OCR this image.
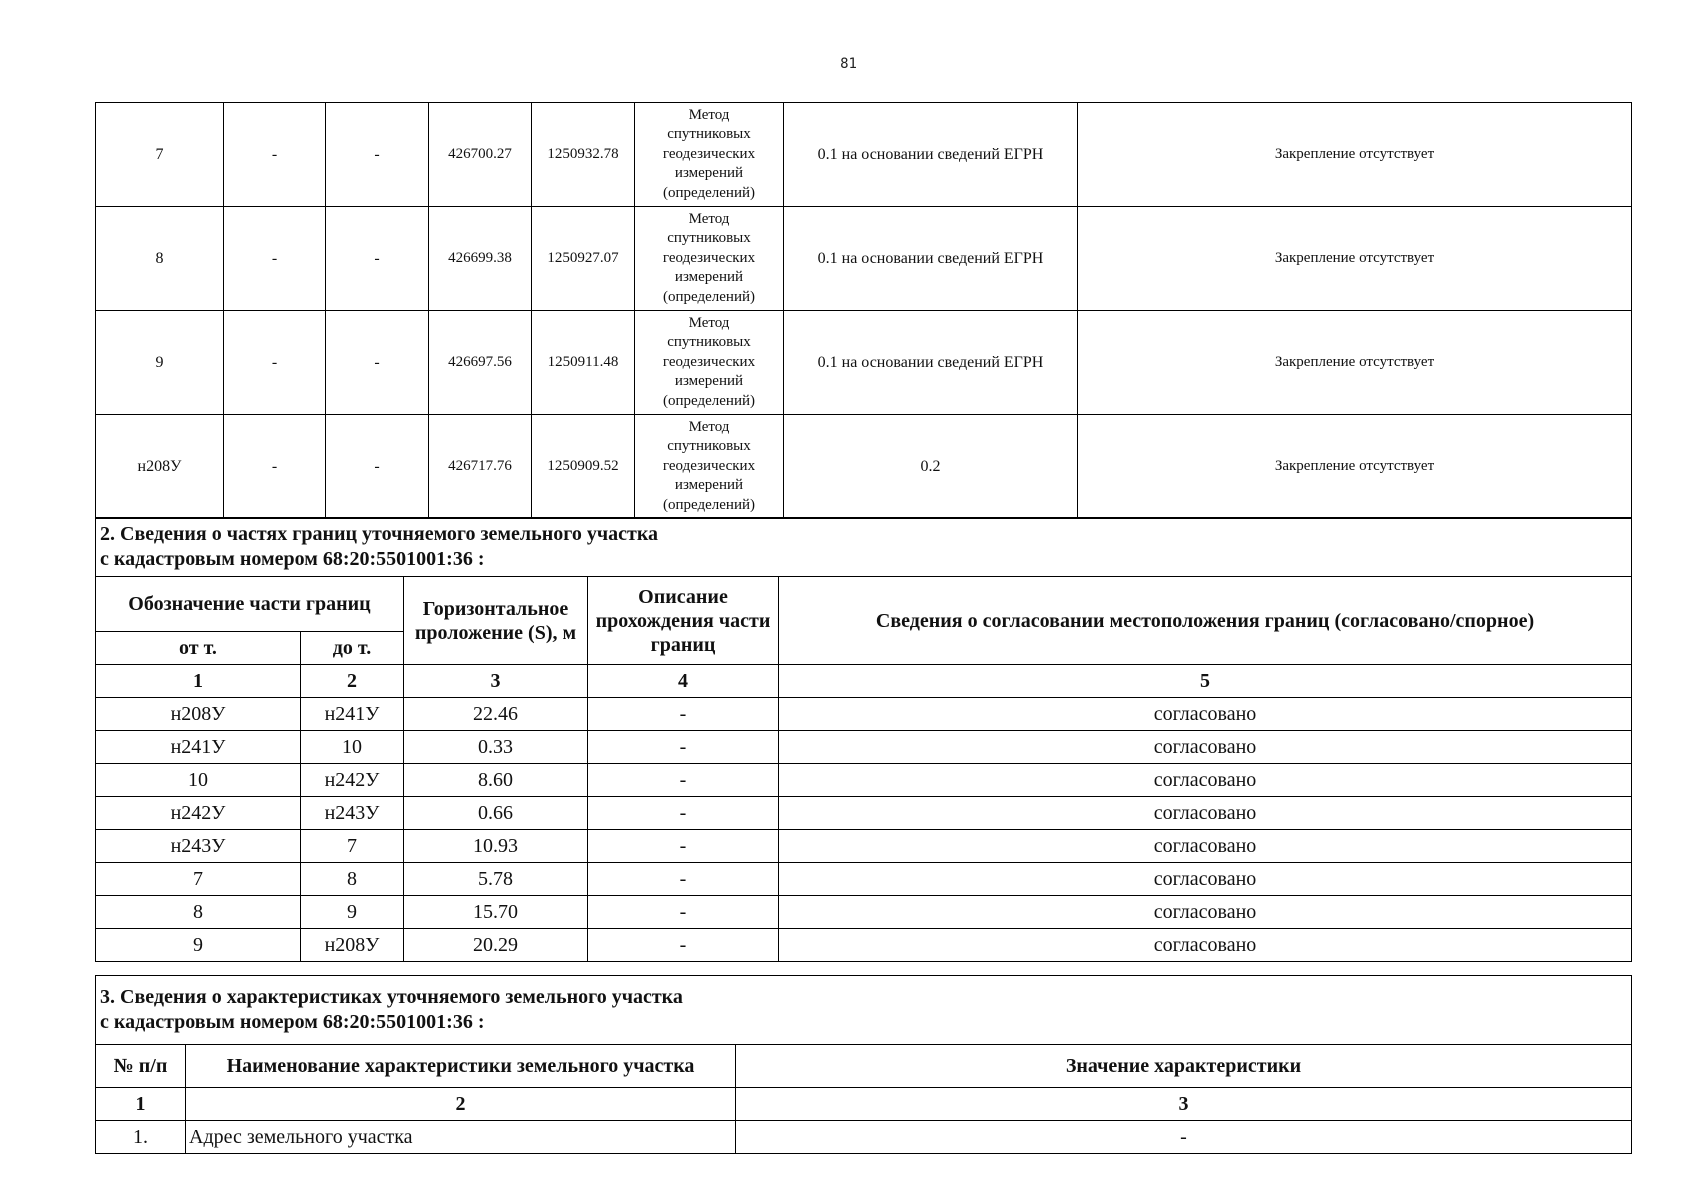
81
7	-	-	426700.27	1250932.78	Метод
спутниковых
геодезических
измерений
(определений)	0.1 на основании сведений ЕГРН	Закрепление отсутствует
8	-	-	426699.38	1250927.07	Метод
спутниковых
геодезических
измерений
(определений)	0.1 на основании сведений ЕГРН	Закрепление отсутствует
9	-	-	426697.56	1250911.48	Метод
спутниковых
геодезических
измерений
(определений)	0.1 на основании сведений ЕГРН	Закрепление отсутствует
н208У	-	-	426717.76	1250909.52	Метод
спутниковых
геодезических
измерений
(определений)	0.2	Закрепление отсутствует
2. Сведения о частях границ уточняемого земельного участка
с кадастровым номером 68:20:5501001:36 :				

Обозначение части границ		Горизонтальное проложение (S), м	Описание прохождения части границ	Сведения о согласовании местоположения границ (согласовано/спорное)
от т.	до т.			
1	2	3	4	5
н208У	н241У	22.46	-	согласовано
н241У	10	0.33	-	согласовано
10	н242У	8.60	-	согласовано
н242У	н243У	0.66	-	согласовано
н243У	7	10.93	-	согласовано
7	8	5.78	-	согласовано
8	9	15.70	-	согласовано
9	н208У	20.29	-	согласовано
3. Сведения о характеристиках уточняемого земельного участка
с кадастровым номером 68:20:5501001:36 :		

№ п/п	Наименование характеристики земельного участка	Значение характеристики
1	2	3
1.	Адрес земельного участка	-
